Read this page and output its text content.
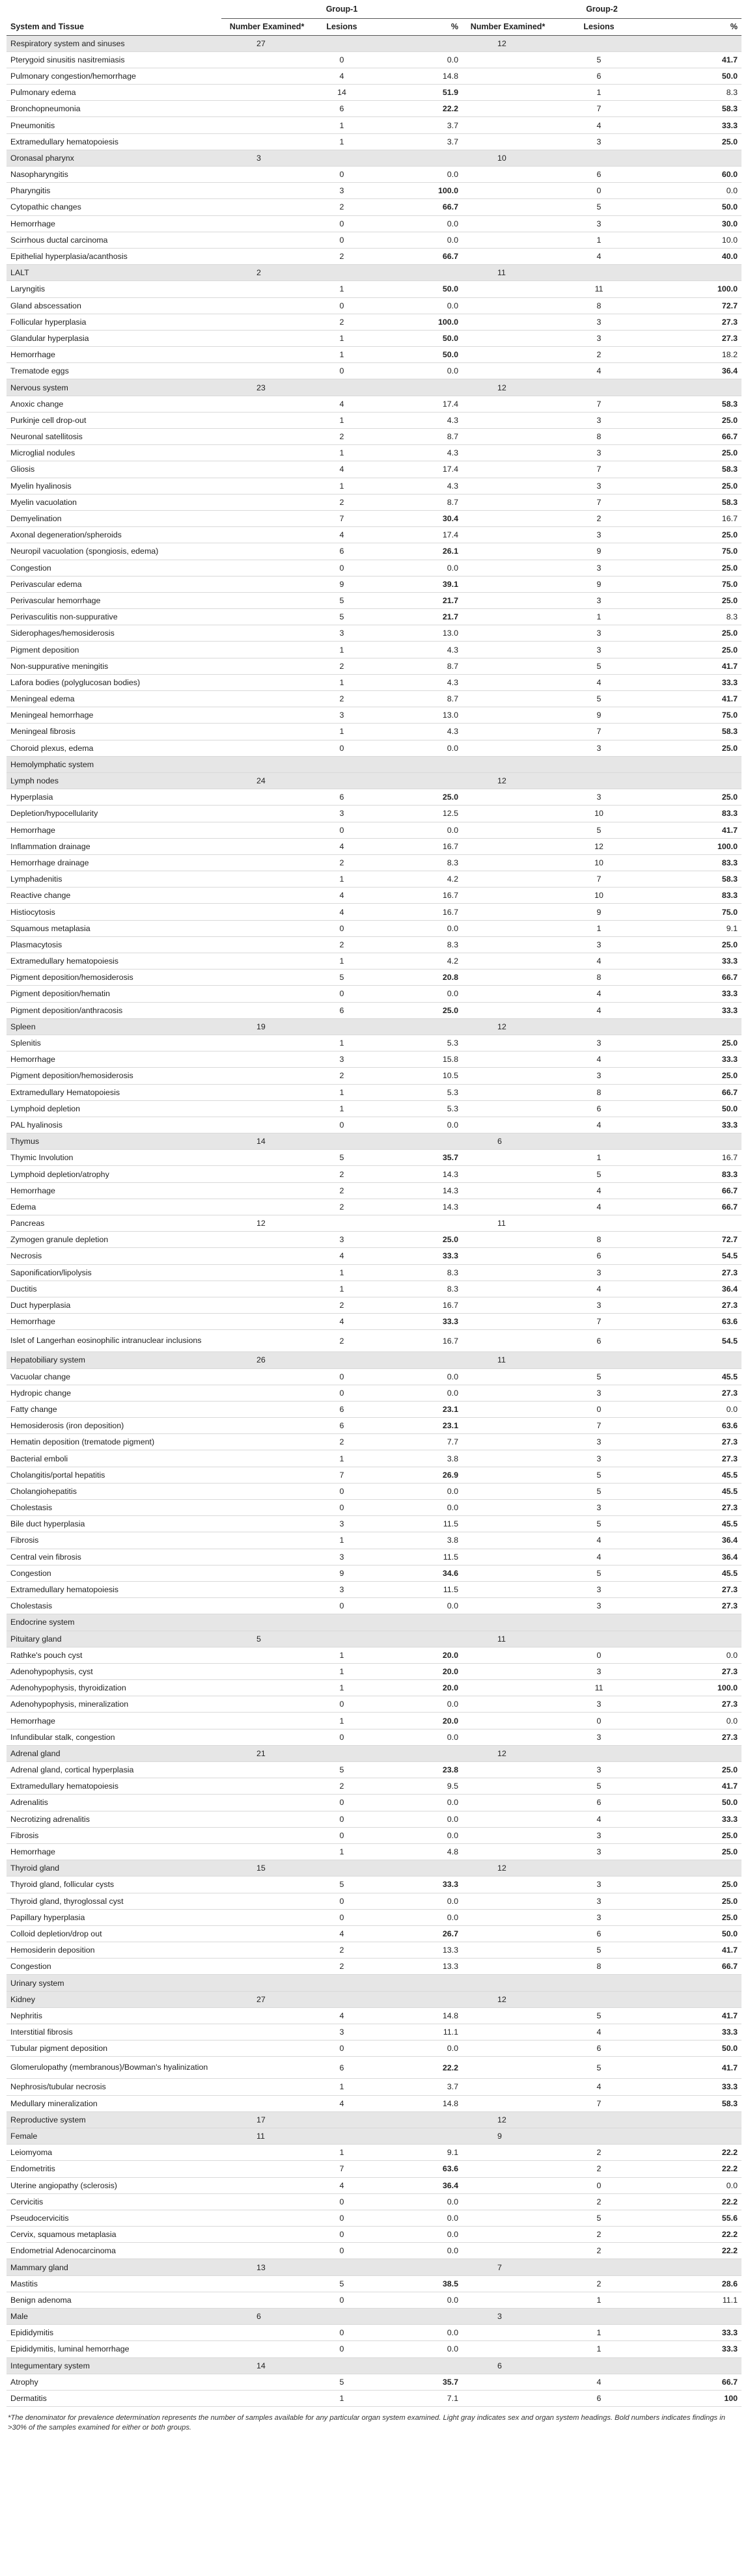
	Group-1			Group-2		
System and Tissue	Number Examined*	Lesions	%	Number Examined*	Lesions	%
Respiratory system and sinuses	27			12		
Pterygoid sinusitis nasitremiasis		0	0.0		5	41.7
Pulmonary congestion/hemorrhage		4	14.8		6	50.0
Pulmonary edema		14	51.9		1	8.3
Bronchopneumonia		6	22.2		7	58.3
Pneumonitis		1	3.7		4	33.3
Extramedullary hematopoiesis		1	3.7		3	25.0
Oronasal pharynx	3			10		
Nasopharyngitis		0	0.0		6	60.0
Pharyngitis		3	100.0		0	0.0
Cytopathic changes		2	66.7		5	50.0
Hemorrhage		0	0.0		3	30.0
Scirrhous ductal carcinoma		0	0.0		1	10.0
Epithelial hyperplasia/acanthosis		2	66.7		4	40.0
LALT	2			11		
Laryngitis		1	50.0		11	100.0
Gland abscessation		0	0.0		8	72.7
Follicular hyperplasia		2	100.0		3	27.3
Glandular hyperplasia		1	50.0		3	27.3
Hemorrhage		1	50.0		2	18.2
Trematode eggs		0	0.0		4	36.4
Nervous system	23			12		
Anoxic change		4	17.4		7	58.3
Purkinje cell drop-out		1	4.3		3	25.0
Neuronal satellitosis		2	8.7		8	66.7
Microglial nodules		1	4.3		3	25.0
Gliosis		4	17.4		7	58.3
Myelin hyalinosis		1	4.3		3	25.0
Myelin vacuolation		2	8.7		7	58.3
Demyelination		7	30.4		2	16.7
Axonal degeneration/spheroids		4	17.4		3	25.0
Neuropil vacuolation (spongiosis, edema)		6	26.1		9	75.0
Congestion		0	0.0		3	25.0
Perivascular edema		9	39.1		9	75.0
Perivascular hemorrhage		5	21.7		3	25.0
Perivasculitis non-suppurative		5	21.7		1	8.3
Siderophages/hemosiderosis		3	13.0		3	25.0
Pigment deposition		1	4.3		3	25.0
Non-suppurative meningitis		2	8.7		5	41.7
Lafora bodies (polyglucosan bodies)		1	4.3		4	33.3
Meningeal edema		2	8.7		5	41.7
Meningeal hemorrhage		3	13.0		9	75.0
Meningeal fibrosis		1	4.3		7	58.3
Choroid plexus, edema		0	0.0		3	25.0
Hemolymphatic system						
Lymph nodes	24			12		
Hyperplasia		6	25.0		3	25.0
Depletion/hypocellularity		3	12.5		10	83.3
Hemorrhage		0	0.0		5	41.7
Inflammation drainage		4	16.7		12	100.0
Hemorrhage drainage		2	8.3		10	83.3
Lymphadenitis		1	4.2		7	58.3
Reactive change		4	16.7		10	83.3
Histiocytosis		4	16.7		9	75.0
Squamous metaplasia		0	0.0		1	9.1
Plasmacytosis		2	8.3		3	25.0
Extramedullary hematopoiesis		1	4.2		4	33.3
Pigment deposition/hemosiderosis		5	20.8		8	66.7
Pigment deposition/hematin		0	0.0		4	33.3
Pigment deposition/anthracosis		6	25.0		4	33.3
Spleen	19			12		
Splenitis		1	5.3		3	25.0
Hemorrhage		3	15.8		4	33.3
Pigment deposition/hemosiderosis		2	10.5		3	25.0
Extramedullary Hematopoiesis		1	5.3		8	66.7
Lymphoid depletion		1	5.3		6	50.0
PAL hyalinosis		0	0.0		4	33.3
Thymus	14			6		
Thymic Involution		5	35.7		1	16.7
Lymphoid depletion/atrophy		2	14.3		5	83.3
Hemorrhage		2	14.3		4	66.7
Edema		2	14.3		4	66.7
Pancreas	12			11		
Zymogen granule depletion		3	25.0		8	72.7
Necrosis		4	33.3		6	54.5
Saponification/lipolysis		1	8.3		3	27.3
Ductitis		1	8.3		4	36.4
Duct hyperplasia		2	16.7		3	27.3
Hemorrhage		4	33.3		7	63.6
Islet of Langerhan eosinophilic intranuclear inclusions		2	16.7		6	54.5
Hepatobiliary system	26			11		
Vacuolar change		0	0.0		5	45.5
Hydropic change		0	0.0		3	27.3
Fatty change		6	23.1		0	0.0
Hemosiderosis (iron deposition)		6	23.1		7	63.6
Hematin deposition (trematode pigment)		2	7.7		3	27.3
Bacterial emboli		1	3.8		3	27.3
Cholangitis/portal hepatitis		7	26.9		5	45.5
Cholangiohepatitis		0	0.0		5	45.5
Cholestasis		0	0.0		3	27.3
Bile duct hyperplasia		3	11.5		5	45.5
Fibrosis		1	3.8		4	36.4
Central vein fibrosis		3	11.5		4	36.4
Congestion		9	34.6		5	45.5
Extramedullary hematopoiesis		3	11.5		3	27.3
Cholestasis		0	0.0		3	27.3
Endocrine system						
Pituitary gland	5			11		
Rathke's pouch cyst		1	20.0		0	0.0
Adenohypophysis, cyst		1	20.0		3	27.3
Adenohypophysis, thyroidization		1	20.0		11	100.0
Adenohypophysis, mineralization		0	0.0		3	27.3
Hemorrhage		1	20.0		0	0.0
Infundibular stalk, congestion		0	0.0		3	27.3
Adrenal gland	21			12		
Adrenal gland, cortical hyperplasia		5	23.8		3	25.0
Extramedullary hematopoiesis		2	9.5		5	41.7
Adrenalitis		0	0.0		6	50.0
Necrotizing adrenalitis		0	0.0		4	33.3
Fibrosis		0	0.0		3	25.0
Hemorrhage		1	4.8		3	25.0
Thyroid gland	15			12		
Thyroid gland, follicular cysts		5	33.3		3	25.0
Thyroid gland, thyroglossal cyst		0	0.0		3	25.0
Papillary hyperplasia		0	0.0		3	25.0
Colloid depletion/drop out		4	26.7		6	50.0
Hemosiderin deposition		2	13.3		5	41.7
Congestion		2	13.3		8	66.7
Urinary system						
Kidney	27			12		
Nephritis		4	14.8		5	41.7
Interstitial fibrosis		3	11.1		4	33.3
Tubular pigment deposition		0	0.0		6	50.0
Glomerulopathy (membranous)/Bowman's hyalinization		6	22.2		5	41.7
Nephrosis/tubular necrosis		1	3.7		4	33.3
Medullary mineralization		4	14.8		7	58.3
Reproductive system	17			12		
Female	11			9		
Leiomyoma		1	9.1		2	22.2
Endometritis		7	63.6		2	22.2
Uterine angiopathy (sclerosis)		4	36.4		0	0.0
Cervicitis		0	0.0		2	22.2
Pseudocervicitis		0	0.0		5	55.6
Cervix, squamous metaplasia		0	0.0		2	22.2
Endometrial Adenocarcinoma		0	0.0		2	22.2
Mammary gland	13			7		
Mastitis		5	38.5		2	28.6
Benign adenoma		0	0.0		1	11.1
Male	6			3		
Epididymitis		0	0.0		1	33.3
Epididymitis, luminal hemorrhage		0	0.0		1	33.3
Integumentary system	14			6		
Atrophy		5	35.7		4	66.7
Dermatitis		1	7.1		6	100
*The denominator for prevalence determination represents the number of samples available for any particular organ system examined. Light gray indicates sex and organ system headings. Bold numbers indicates findings in >30% of the samples examined for either or both groups.
